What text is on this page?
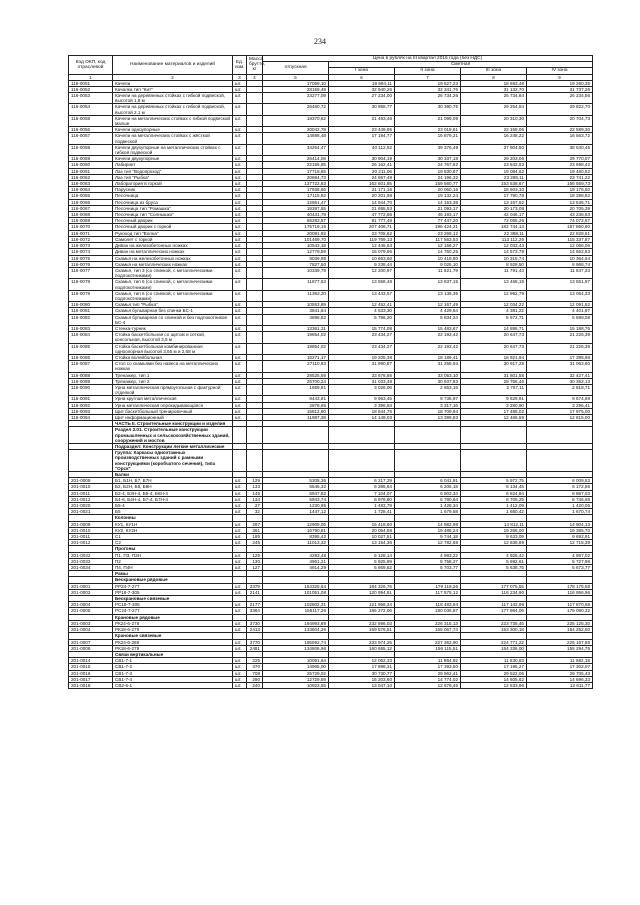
234
Код ОКП, код отраслевой	Наименование материалов и изделий	Ед. изм.	Масса брутто, кг	Цена в рублях на III квартал 2016 года (без НДС)				
				отпускная	Сметная			
					I зона	II зона	III зона	IV зона
1	2	3	4	5	6	7	8	9
116-0051	Качели	шт.		17059,10	19 994,11	19 627,23	18 693,48	19 260,35
116-0052	Качалка тип "Кит"	шт.		28159,48	32 940,26	32 341,76	31 132,70	31 737,26
116-0053	Качели на деревянных стойках с гибкой подвеской, высотой 1,8 м	шт.		23277,09	27 234,00	26 734,26	25 734,84	26 234,56
116-0054	Качели на деревянных стойках с гибкой подвеской, высотой 2,1 м	шт.		26460,72	30 958,77	30 390,75	29 254,84	29 822,70
116-0055	Качели на металлических стойках с гибкой подвеской малые	шт.		18370,62	21 493,48	21 099,09	20 310,30	20 704,73
116-0056	Качели одноупорные	шт.		20042,78	23 449,95	23 019,61	22 159,06	22 589,30
116-0057	Качели на металлических стойках с жёсткой подвеской	шт.		14698,48	17 194,77	16 879,21	16 248,22	16 563,72
116-0058	Качели двухупорные на металлических стойках с гибкой подвеской	шт.		34264,47	40 112,52	39 376,49	37 904,50	38 640,45
116-0059	Качели двухупорные	шт.		26414,08	30 904,19	30 337,18	29 203,06	29 770,07
116-0060	Лабиринт	шт.		22156,85	26 162,41	24 767,62	23 842,63	23 698,42
116-0061	Лаз тип "Водопроход"	шт.		17718,65	20 211,06	19 830,67	19 084,62	19 460,52
116-0062	Лаз тип "Рыбка"	шт.		20684,73	24 657,48	24 196,32	23 285,11	23 741,22
116-0063	Лаборатория в горкой	шт.		137722,83	162 601,85	159 560,77	153 538,67	156 559,73
116-0064	Парусник	шт.		17936,66	21 171,16	20 050,16	18 603,10	19 176,50
116-0065	Песочница	шт.		17115,92	20 201,98	19 132,24	17 790,78	18 298,82
116-0066	Песочница из бруса	шт.		12661,47	14 944,70	14 153,38	13 167,62	13 536,71
116-0067	Песочница тип "Ромашка"	шт.		18397,55	21 695,53	21 093,17	20 173,08	20 705,39
116-0068	Песочница тип "Солнышко"	шт.		40431,79	47 772,86	45 193,17	42 046,17	43 236,63
116-0069	Песочный дворик	шт.		65283,57	81 777,48	77 447,20	72 055,26	74 072,67
116-0070	Песочный дворик с горкой	шт.		175719,16	207 406,71	196 424,21	182 744,13	187 860,60
116-0071	Рукоход тип "Волна"	шт.		20081,92	23 705,62	23 269,12	22 388,11	22 828,61
116-0072	Самолет с горкой	шт.		101469,70	119 769,13	117 563,53	113 112,26	115 337,87
116-0073	Диван на железобетонных ножках	шт.		10543,18	12 446,63	12 156,27	12 033,43	12 066,06
116-0074	Диван на металлических ножках	шт.		12779,59	15 079,95	14 750,25	14 573,79	14 662,83
116-0075	Скамья на железобетонных ножках	шт.		9039,98	10 663,60	10 419,80	10 315,74	10 364,54
116-0076	Скамья на металлических ножках	шт.		7827,50	9 238,44	9 025,10	8 928,50	8 968,74
116-0077	Скамья, тип 3 (со спинкой, с металлическими подлокотниками)	шт.		10339,79	12 200,97	11 921,79	11 791,43	11 847,33
116-0078	Скамья, тип 6 (со спинкой, с металлическими подлокотниками)	шт.		11877,53	13 558,48	13 637,15	13 468,15	13 551,97
116-0079	Скамья, тип 6 (со спинкой, с металлическими подлокотниками)	шт.		11393,20	13 443,57	13 136,35	12 992,79	13 054,33
116-0080	Скамья тип "Рыбка"	шт.		10553,89	12 452,41	12 167,49	12 034,22	12 091,52
116-0081	Скамья бульварная без спинки БС-1	шт.		3841,84	4 533,30	4 429,64	4 381,22	4 401,97
116-0082	Скамья бульварная со спинкой и без подлокотников БС-4	шт.		4896,82	5 786,20	5 834,24	5 572,71	5 599,08
116-0083	Стенка-турник	шт.		13361,31	15 774,08	15 483,67	14 895,71	15 188,76
116-0084	Стойка баскетбольная со щитом и сеткой, консольная, высотой 3,5 м	шт.		19854,02	23 434,27	22 193,42	20 647,73	21 226,39
116-0085	Стойка баскетбольная комбинированная одноопорная высотой 3,55 м и 2,68 м	шт.		19854,02	23 434,27	22 193,42	20 647,73	21 226,39
116-0086	Стойка волейбольная	шт.		16271,17	19 205,38	18 189,41	16 921,94	17 395,88
116-0087	Стол со скамьями без навеса на металлических ножках	шт.		27110,83	31 990,87	31 258,94	30 917,28	31 063,60
116-0088	Тренажер, тип 1	шт.		28525,59	33 676,86	33 053,10	31 801,58	32 427,41
116-0089	Тренажер, тип 2	шт.		26700,24	31 033,48	30 937,83	29 766,46	30 352,13
116-0090	Урна металлическая прямоугольная с фактурной отделкой	шт.		1659,81	3 026,06	2 863,15	2 767,11	2 818,71
116-0091	Урна круглая металлическая	шт.		8443,81	9 963,45	9 735,97	9 629,91	9 674,69
116-0092	Урна металлическая опрокидывающаяся	шт.		2878,85	3 396,93	3 317,16	3 280,90	3 296,41
116-0093	Щит баскетбольный тренировочный	шт.		15812,80	18 644,75	18 709,94	17 485,02	17 975,00
116-0094	Щит информационный	шт.		11987,38	14 149,03	13 399,83	12 466,59	12 815,00
	ЧАСТЬ II. Строительные конструкции и изделия							
	Раздел 2.01. Строительные конструкции промышленных и сельскохозяйственных зданий, сооружений и мостов							
	Подраздел: Конструкции легкие металлические							
	Группа: Каркасы одноэтажных производственных зданий с рамными конструкциями (коробчатого сечения), типа "Орск"							
	Балки							
201-0009	Б1, Б1Н, Б7, Б7Н	шт.	129	5305,36	6 217,29	6 041,91	5 972,75	6 009,53
201-0010	Б2, Б2Н, Б8, Б8Н	шт.	133	5546,32	6 385,64	6 205,18	6 134,45	6 172,56
201-0011	Б3-4, Б3Н-4, Б5-4, Б6Н-4	шт.	145	5947,82	7 104,07	6 903,34	6 824,84	6 867,03
201-0012	Б4-6, Б4Н-4, Б7-4, Б7Н-4	шт.	134	5943,74	6 976,80	6 780,64	6 705,25	6 746,69
201-0020	Б5-4	шт.	27	1230,95	1 483,79	1 428,34	1 412,09	1 420,05
201-0021	Б5	шт.	32	1447,12	1 728,41	1 679,58	1 660,42	1 670,74
	Колонны							
201-0009	КУ1, КУ1Н	шт.	287	12909,05	15 418,60	14 982,98	14 812,11	14 904,13
201-0010	КУ2, КУ2Н	шт.	361	16790,81	20 054,68	19 488,24	19 266,00	19 385,70
201-0011	С1	шт.	185	8395,42	10 027,51	9 744,18	9 633,09	9 692,91
201-0012	С2	шт.	245	11013,32	13 154,36	12 782,68	12 636,89	12 715,39
	Прогоны							
201-0032	П1, П3, П3Н	шт.	125	4293,48	5 128,14	4 983,22	4 926,42	4 957,02
201-0033	П2	шт.	130	4961,21	5 925,89	5 758,27	5 692,61	5 727,98
201-0034	П4, П4Н	шт.	127	4914,29	5 869,82	5 703,77	5 638,75	5 673,77
	Рамы							
	Бескрановые рядовые							
201-0001	РР24-7-277	шт.	3379	154325,64	184 326,76	179 118,26	177 075,55	178 175,58
201-0002	РР18-7-305	шт.	2141	101051,08	120 994,61	117 575,12	116 234,90	116 956,96
	Бескрановые связевые							
201-0004	РС18-7-305	шт.	2177	102802,31	121 958,24	118 483,84	117 142,98	117 870,68
201-0005	РС24-7-277	шт.	3384	155117,26	185 272,06	180 036,87	177 984,06	179 090,32
	Крановые рядовые							
201-0003	РК24-6-278	шт.	3730	194993,89	232 896,03	226 315,13	223 735,45	225 125,30
201-0004	РК18-6-279	шт.	2413	133604,26	159 576,51	155 067,74	153 300,18	154 252,50
	Крановые связевые							
201-0007	РК24-6-268	шт.	3770	195592,74	233 974,25	227 362,90	224 771,22	226 167,56
201-0008	РК18-6-279	шт.	2481	134806,96	160 655,12	156 115,51	154 336,00	155 294,75
	Связи вертикальные							
201-0014	СВ1-7-1	шт.	225	10091,64	12 052,33	11 864,92	11 530,83	11 682,18
201-0015	СВ1-7-2	шт.	370	14965,00	17 898,31	17 393,50	17 195,27	17 302,07
201-0016	СВ1-7-3	шт.	708	25729,02	30 730,77	29 862,41	29 522,06	29 705,43
201-0017	СВ1-7-4	шт.	290	12729,59	15 203,60	14 774,02	14 605,62	14 696,33
201-0018	СВ2-6-1	шт.	240	10923,55	13 047,10	12 678,46	12 533,96	12 611,77
